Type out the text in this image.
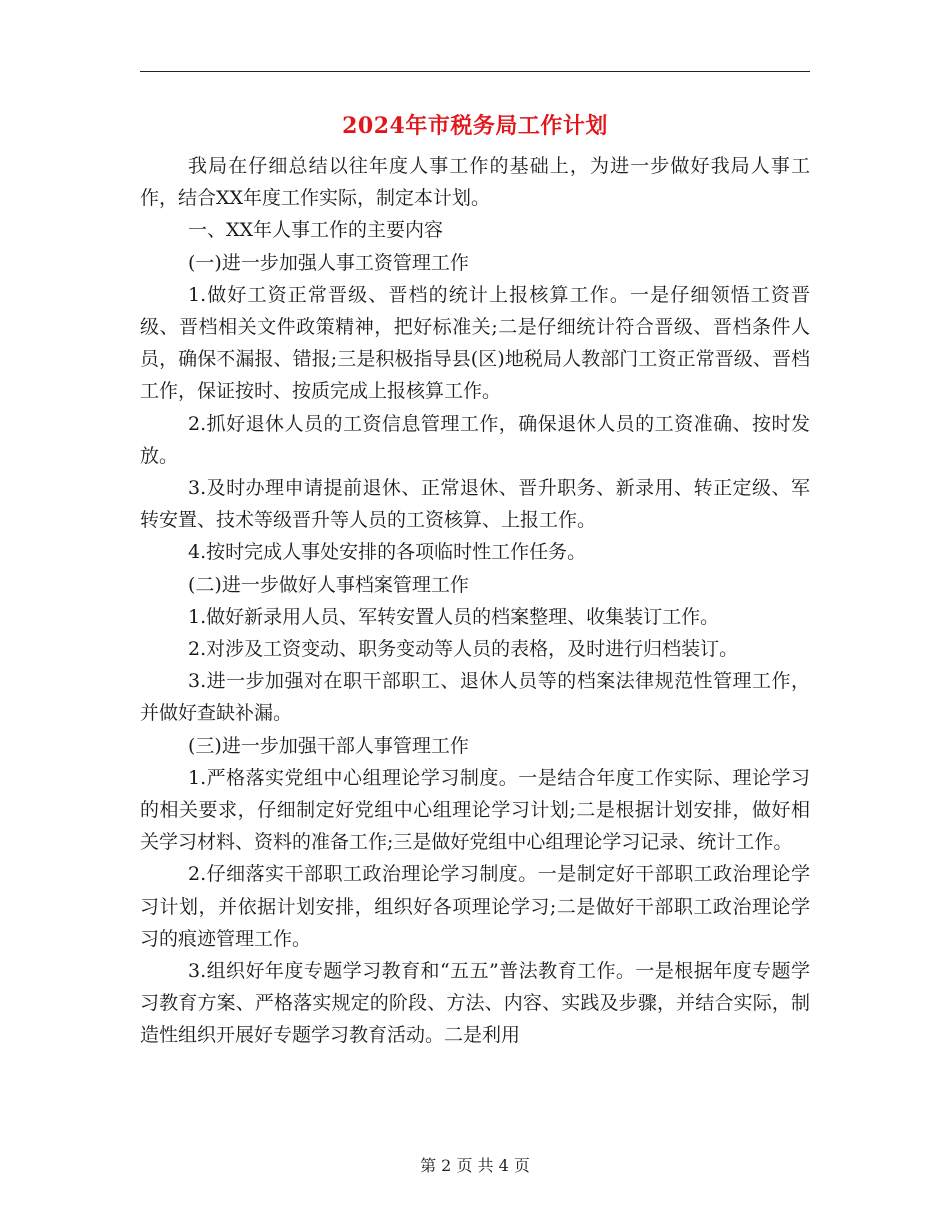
2024年市税务局工作计划

我局在仔细总结以往年度人事工作的基础上，为进一步做好我局人事工作，结合XX年度工作实际，制定本计划。

一、XX年人事工作的主要内容

(一)进一步加强人事工资管理工作

1.做好工资正常晋级、晋档的统计上报核算工作。一是仔细领悟工资晋级、晋档相关文件政策精神，把好标准关;二是仔细统计符合晋级、晋档条件人员，确保不漏报、错报;三是积极指导县(区)地税局人教部门工资正常晋级、晋档工作，保证按时、按质完成上报核算工作。

2.抓好退休人员的工资信息管理工作，确保退休人员的工资准确、按时发放。

3.及时办理申请提前退休、正常退休、晋升职务、新录用、转正定级、军转安置、技术等级晋升等人员的工资核算、上报工作。

4.按时完成人事处安排的各项临时性工作任务。

(二)进一步做好人事档案管理工作

1.做好新录用人员、军转安置人员的档案整理、收集装订工作。

2.对涉及工资变动、职务变动等人员的表格，及时进行归档装订。

3.进一步加强对在职干部职工、退休人员等的档案法律规范性管理工作，并做好查缺补漏。

(三)进一步加强干部人事管理工作

1.严格落实党组中心组理论学习制度。一是结合年度工作实际、理论学习的相关要求，仔细制定好党组中心组理论学习计划;二是根据计划安排，做好相关学习材料、资料的准备工作;三是做好党组中心组理论学习记录、统计工作。

2.仔细落实干部职工政治理论学习制度。一是制定好干部职工政治理论学习计划，并依据计划安排，组织好各项理论学习;二是做好干部职工政治理论学习的痕迹管理工作。

3.组织好年度专题学习教育和“五五”普法教育工作。一是根据年度专题学习教育方案、严格落实规定的阶段、方法、内容、实践及步骤，并结合实际，制造性组织开展好专题学习教育活动。二是利用

第 2 页 共 4 页
